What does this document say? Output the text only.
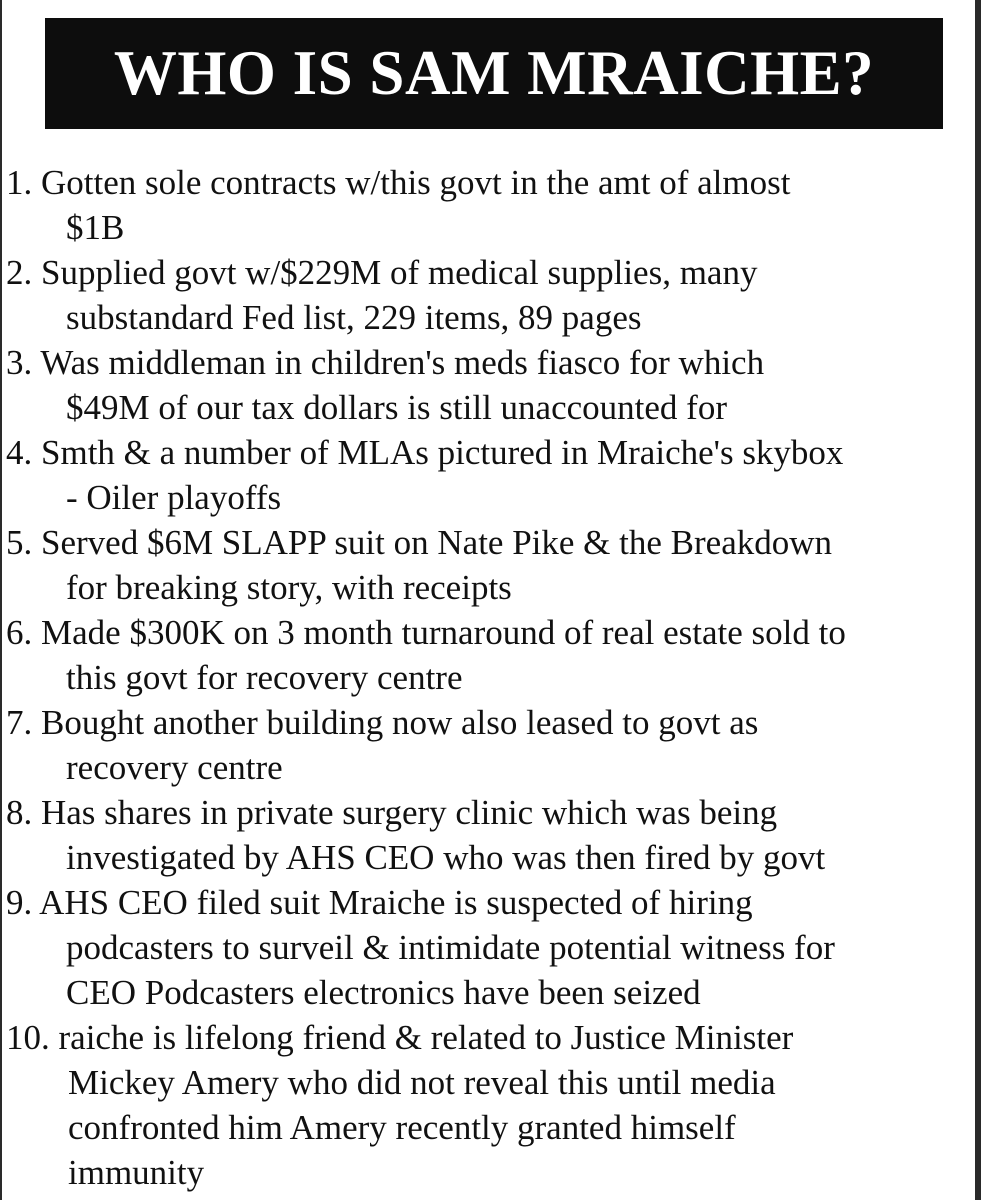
WHO IS SAM MRAICHE?
1. Gotten sole contracts w/this govt in the amt of almost
$1B
2. Supplied govt w/$229M of medical supplies, many
substandard Fed list, 229 items, 89 pages
3. Was middleman in children's meds fiasco for which
$49M of our tax dollars is still unaccounted for
4. Smth & a number of MLAs pictured in Mraiche's skybox
- Oiler playoffs
5. Served $6M SLAPP suit on Nate Pike & the Breakdown
for breaking story, with receipts
6. Made $300K on 3 month turnaround of real estate sold to
this govt for recovery centre
7. Bought another building now also leased to govt as
recovery centre
8. Has shares in private surgery clinic which was being
investigated by AHS CEO who was then fired by govt
9. AHS CEO filed suit Mraiche is suspected of hiring
podcasters to surveil & intimidate potential witness for
CEO Podcasters electronics have been seized
10. raiche is lifelong friend & related to Justice Minister
Mickey Amery who did not reveal this until media
confronted him Amery recently granted himself
immunity
